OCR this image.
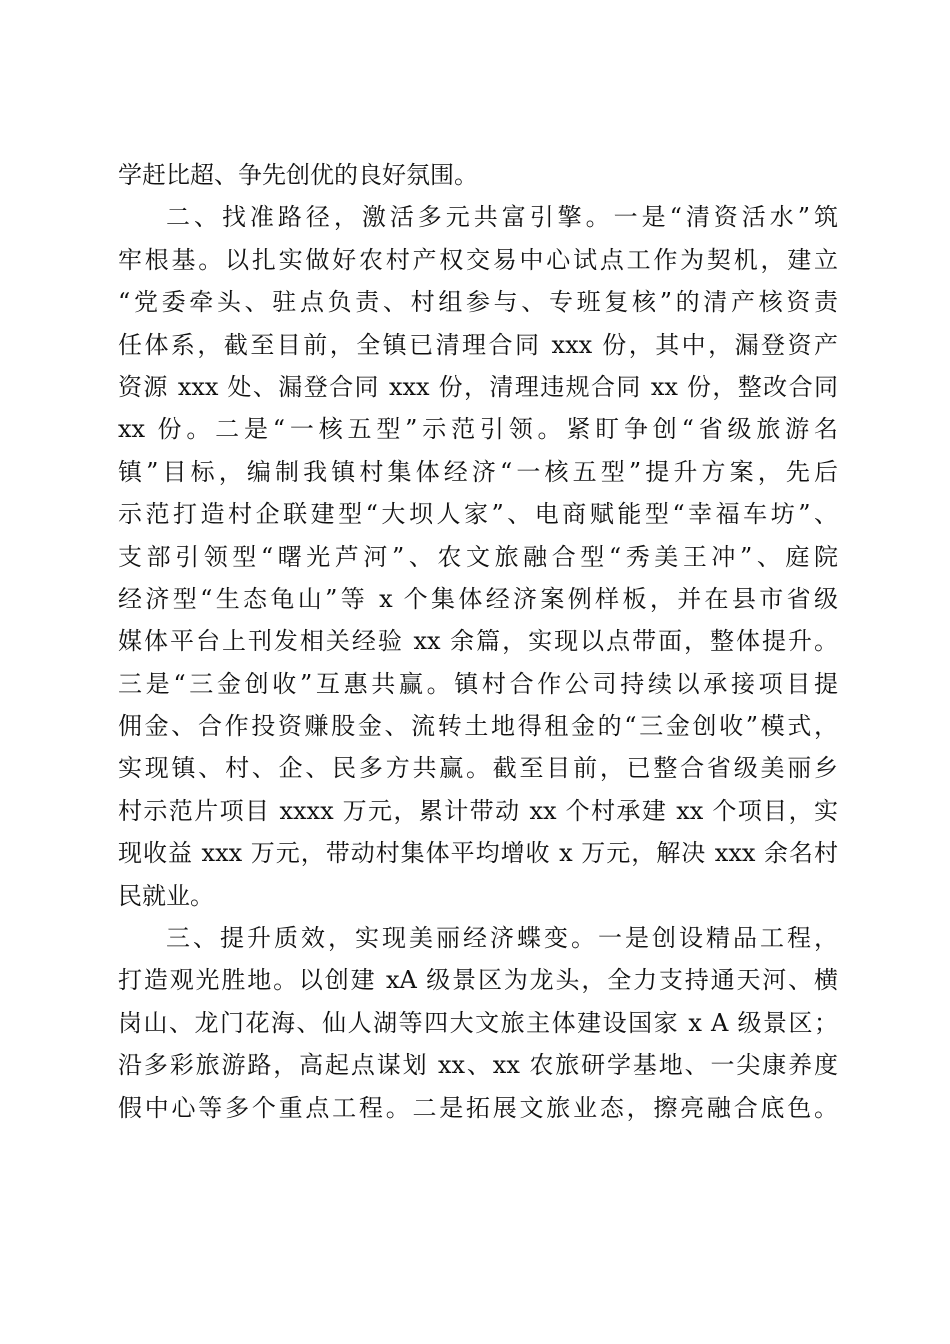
学赶比超、争先创优的良好氛围。
二、找准路径，激活多元共富引擎。一是“清资活水”筑
牢根基。以扎实做好农村产权交易中心试点工作为契机，建立
“党委牵头、驻点负责、村组参与、专班复核”的清产核资责
任体系，截至目前，全镇已清理合同 xxx 份，其中，漏登资产
资源 xxx 处、漏登合同 xxx 份，清理违规合同 xx 份，整改合同
xx 份。二是“一核五型”示范引领。紧盯争创“省级旅游名
镇”目标，编制我镇村集体经济“一核五型”提升方案，先后
示范打造村企联建型“大坝人家”、电商赋能型“幸福车坊”、
支部引领型“曙光芦河”、农文旅融合型“秀美王冲”、庭院
经济型“生态龟山”等 x 个集体经济案例样板，并在县市省级
媒体平台上刊发相关经验 xx 余篇，实现以点带面，整体提升。
三是“三金创收”互惠共赢。镇村合作公司持续以承接项目提
佣金、合作投资赚股金、流转土地得租金的“三金创收”模式，
实现镇、村、企、民多方共赢。截至目前，已整合省级美丽乡
村示范片项目 xxxx 万元，累计带动 xx 个村承建 xx 个项目，实
现收益 xxx 万元，带动村集体平均增收 x 万元，解决 xxx 余名村
民就业。
三、提升质效，实现美丽经济蝶变。一是创设精品工程，
打造观光胜地。以创建 xA 级景区为龙头，全力支持通天河、横
岗山、龙门花海、仙人湖等四大文旅主体建设国家 x A 级景区；
沿多彩旅游路，高起点谋划 xx、xx 农旅研学基地、一尖康养度
假中心等多个重点工程。二是拓展文旅业态，擦亮融合底色。
